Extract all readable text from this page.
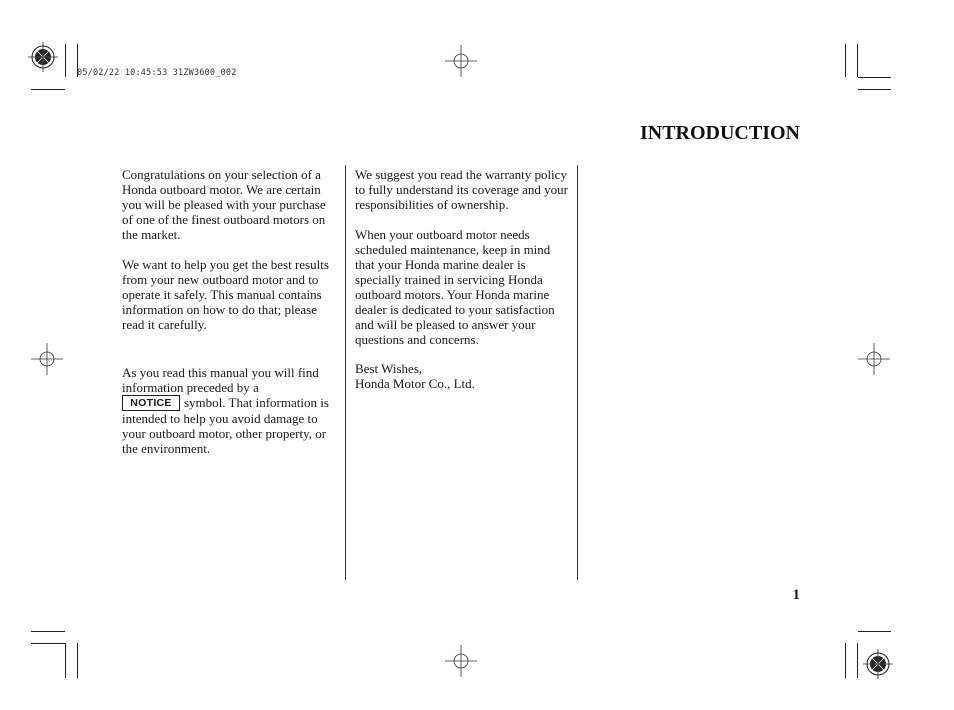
05/02/22 10:45:53 31ZW3600_002
INTRODUCTION

Congratulations on your selection of a Honda outboard motor. We are certain you will be pleased with your purchase of one of the finest outboard motors on the market.

We want to help you get the best results from your new outboard motor and to operate it safely. This manual contains information on how to do that; please read it carefully.

As you read this manual you will find information preceded by a

NOTICE symbol. That information is intended to help you avoid damage to your outboard motor, other property, or the environment.

We suggest you read the warranty policy to fully understand its coverage and your responsibilities of ownership.

When your outboard motor needs scheduled maintenance, keep in mind that your Honda marine dealer is specially trained in servicing Honda outboard motors. Your Honda marine dealer is dedicated to your satisfaction and will be pleased to answer your questions and concerns.

Best Wishes,

Honda Motor Co., Ltd.

1
